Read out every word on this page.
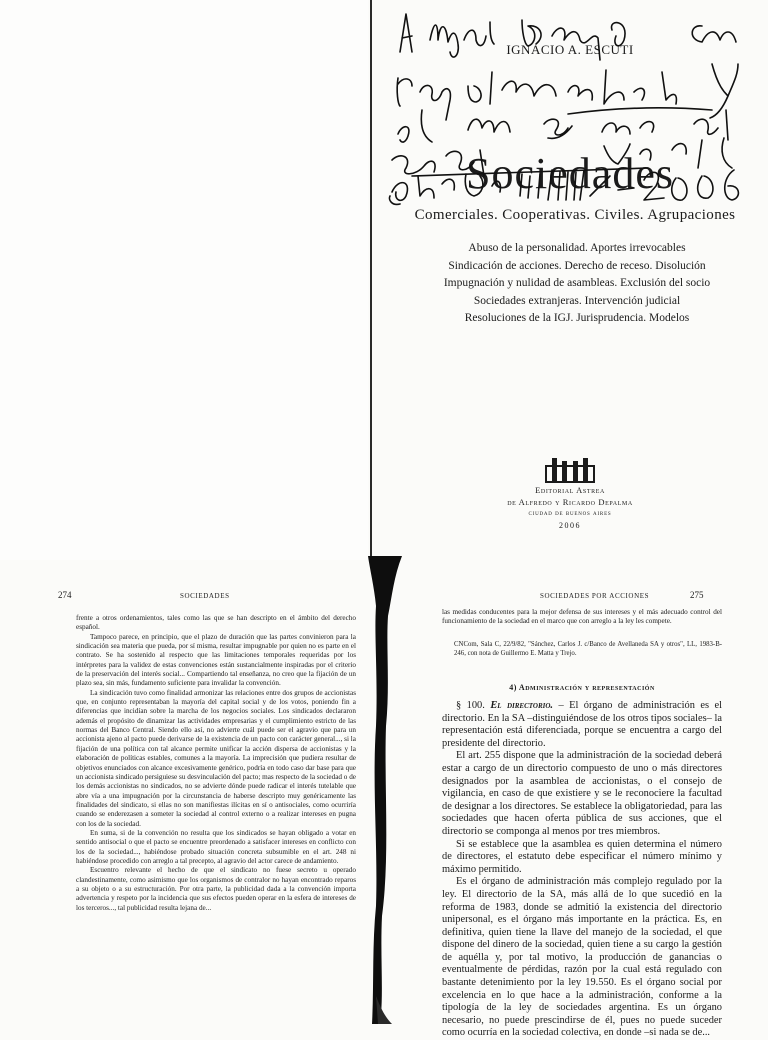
IGNACIO A. ESCUTI
Sociedades
Comerciales. Cooperativas. Civiles. Agrupaciones
Abuso de la personalidad. Aportes irrevocables
Sindicación de acciones. Derecho de receso. Disolución
Impugnación y nulidad de asambleas. Exclusión del socio
Sociedades extranjeras. Intervención judicial
Resoluciones de la IGJ. Jurisprudencia. Modelos
Editorial Astrea
de Alfredo y Ricardo Depalma
ciudad de buenos aires
2006
274	SOCIEDADES

frente a otros ordenamientos, tales como las que se han descripto en el ámbito del derecho español.

Tampoco parece, en principio, que el plazo de duración que las partes convinieron para la sindicación sea materia que pueda, por sí misma, resultar impugnable por quien no es parte en el contrato. Se ha sostenido al respecto que las limitaciones temporales requeridas por los intérpretes para la validez de estas convenciones están sustancialmente inspiradas por el criterio de la preservación del interés social... Compartiendo tal enseñanza, no creo que la fijación de un plazo sea, sin más, fundamento suficiente para invalidar la convención.

La sindicación tuvo como finalidad armonizar las relaciones entre dos grupos de accionistas que, en conjunto representaban la mayoría del capital social y de los votos, poniendo fin a diferencias que incidían sobre la marcha de los negocios sociales. Los sindicados declararon además el propósito de dinamizar las actividades empresarias y el cumplimiento estricto de las normas del Banco Central. Siendo ello así, no advierte cuál puede ser el agravio que para un accionista ajeno al pacto puede derivarse de la existencia de un pacto con carácter general..., si la fijación de una política con tal alcance permite unificar la acción dispersa de accionistas y la elaboración de políticas estables, comunes a la mayoría. La imprecisión que pudiera resultar de objetivos enunciados con alcance excesivamente genérico, podría en todo caso dar base para que un accionista sindicado persiguiese su desvinculación del pacto; mas respecto de la sociedad o de los demás accionistas no sindicados, no se advierte dónde puede radicar el interés tutelable que abre vía a una impugnación por la circunstancia de haberse descripto muy genéricamente las finalidades del sindicato, si ellas no son manifiestas ilícitas en sí o antisociales, como ocurriría cuando se enderezasen a someter la sociedad al control externo o a realizar intereses en pugna con los de la sociedad.

En suma, si de la convención no resulta que los sindicados se hayan obligado a votar en sentido antisocial o que el pacto se encuentre preordenado a satisfacer intereses en conflicto con los de la sociedad..., habiéndose probado situación concreta subsumible en el art. 248 ni habiéndose procedido con arreglo a tal precepto, al agravio del actor carece de andamiento.

Escuentro relevante el hecho de que el sindicato no fuese secreto u operado clandestinamente, como asimismo que los organismos de contralor no hayan encontrado reparos a su objeto o a su estructuración. Por otra parte, la publicidad dada a la convención importa advertencia y respeto por la incidencia que sus efectos pueden operar en la esfera de intereses de los terceros..., tal publicidad resulta lejana de...

SOCIEDADES POR ACCIONES	275
las medidas conducentes para la mejor defensa de sus intereses y el más adecuado control del funcionamiento de la sociedad en el marco que con arreglo a la ley les compete.
CNCom, Sala C, 22/9/82, "Sánchez, Carlos J. c/Banco de Avellaneda SA y otros", LL, 1983-B-246, con nota de Guillermo E. Matta y Trejo.
4) Administración y representación

§ 100. El directorio. – El órgano de administración es el directorio. En la SA –distinguiéndose de los otros tipos sociales– la representación está diferenciada, porque se encuentra a cargo del presidente del directorio.

El art. 255 dispone que la administración de la sociedad deberá estar a cargo de un directorio compuesto de uno o más directores designados por la asamblea de accionistas, o el consejo de vigilancia, en caso de que existiere y se le reconociere la facultad de designar a los directores. Se establece la obligatoriedad, para las sociedades que hacen oferta pública de sus acciones, que el directorio se componga al menos por tres miembros.

Si se establece que la asamblea es quien determina el número de directores, el estatuto debe especificar el número mínimo y máximo permitido.

Es el órgano de administración más complejo regulado por la ley. El directorio de la SA, más allá de lo que sucedió en la reforma de 1983, donde se admitió la existencia del directorio unipersonal, es el órgano más importante en la práctica. Es, en definitiva, quien tiene la llave del manejo de la sociedad, el que dispone del dinero de la sociedad, quien tiene a su cargo la gestión de aquélla y, por tal motivo, la producción de ganancias o eventualmente de pérdidas, razón por la cual está regulado con bastante detenimiento por la ley 19.550. Es el órgano social por excelencia en lo que hace a la administración, conforme a la tipología de la ley de sociedades argentina. Es un órgano necesario, no puede prescindirse de él, pues no puede suceder como ocurría en la sociedad colectiva, en donde –si nada se de...
